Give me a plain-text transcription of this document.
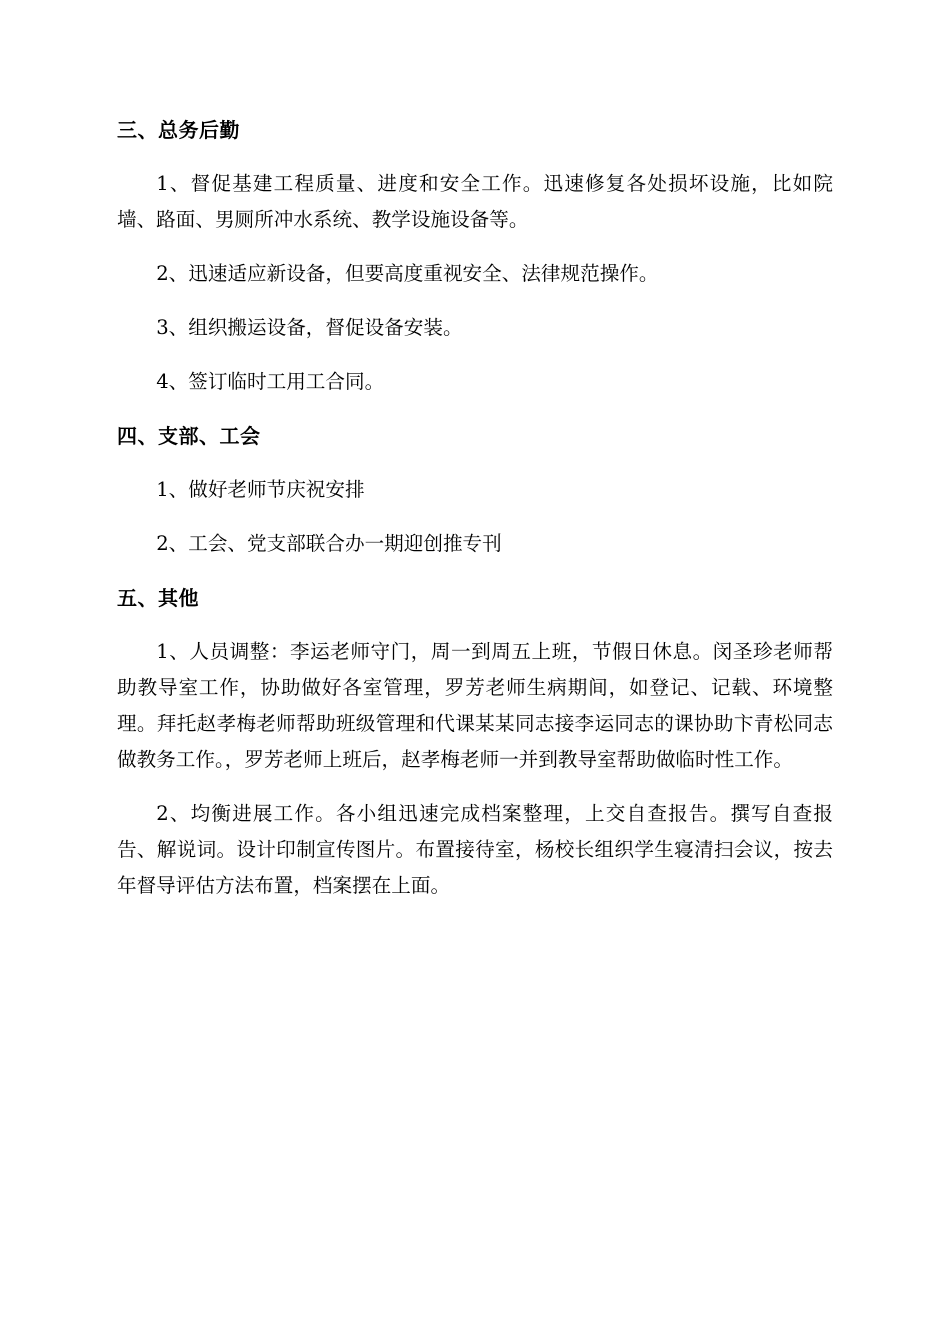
三、总务后勤

1、督促基建工程质量、进度和安全工作。迅速修复各处损坏设施，比如院墙、路面、男厕所冲水系统、教学设施设备等。

2、迅速适应新设备，但要高度重视安全、法律规范操作。

3、组织搬运设备，督促设备安装。

4、签订临时工用工合同。

四、支部、工会

1、做好老师节庆祝安排

2、工会、党支部联合办一期迎创推专刊

五、其他

1、人员调整：李运老师守门，周一到周五上班，节假日休息。闵圣珍老师帮助教导室工作，协助做好各室管理，罗芳老师生病期间，如登记、记载、环境整理。拜托赵孝梅老师帮助班级管理和代课某某同志接李运同志的课协助卞青松同志做教务工作。，罗芳老师上班后，赵孝梅老师一并到教导室帮助做临时性工作。

2、均衡进展工作。各小组迅速完成档案整理，上交自查报告。撰写自查报告、解说词。设计印制宣传图片。布置接待室，杨校长组织学生寝清扫会议，按去年督导评估方法布置，档案摆在上面。
